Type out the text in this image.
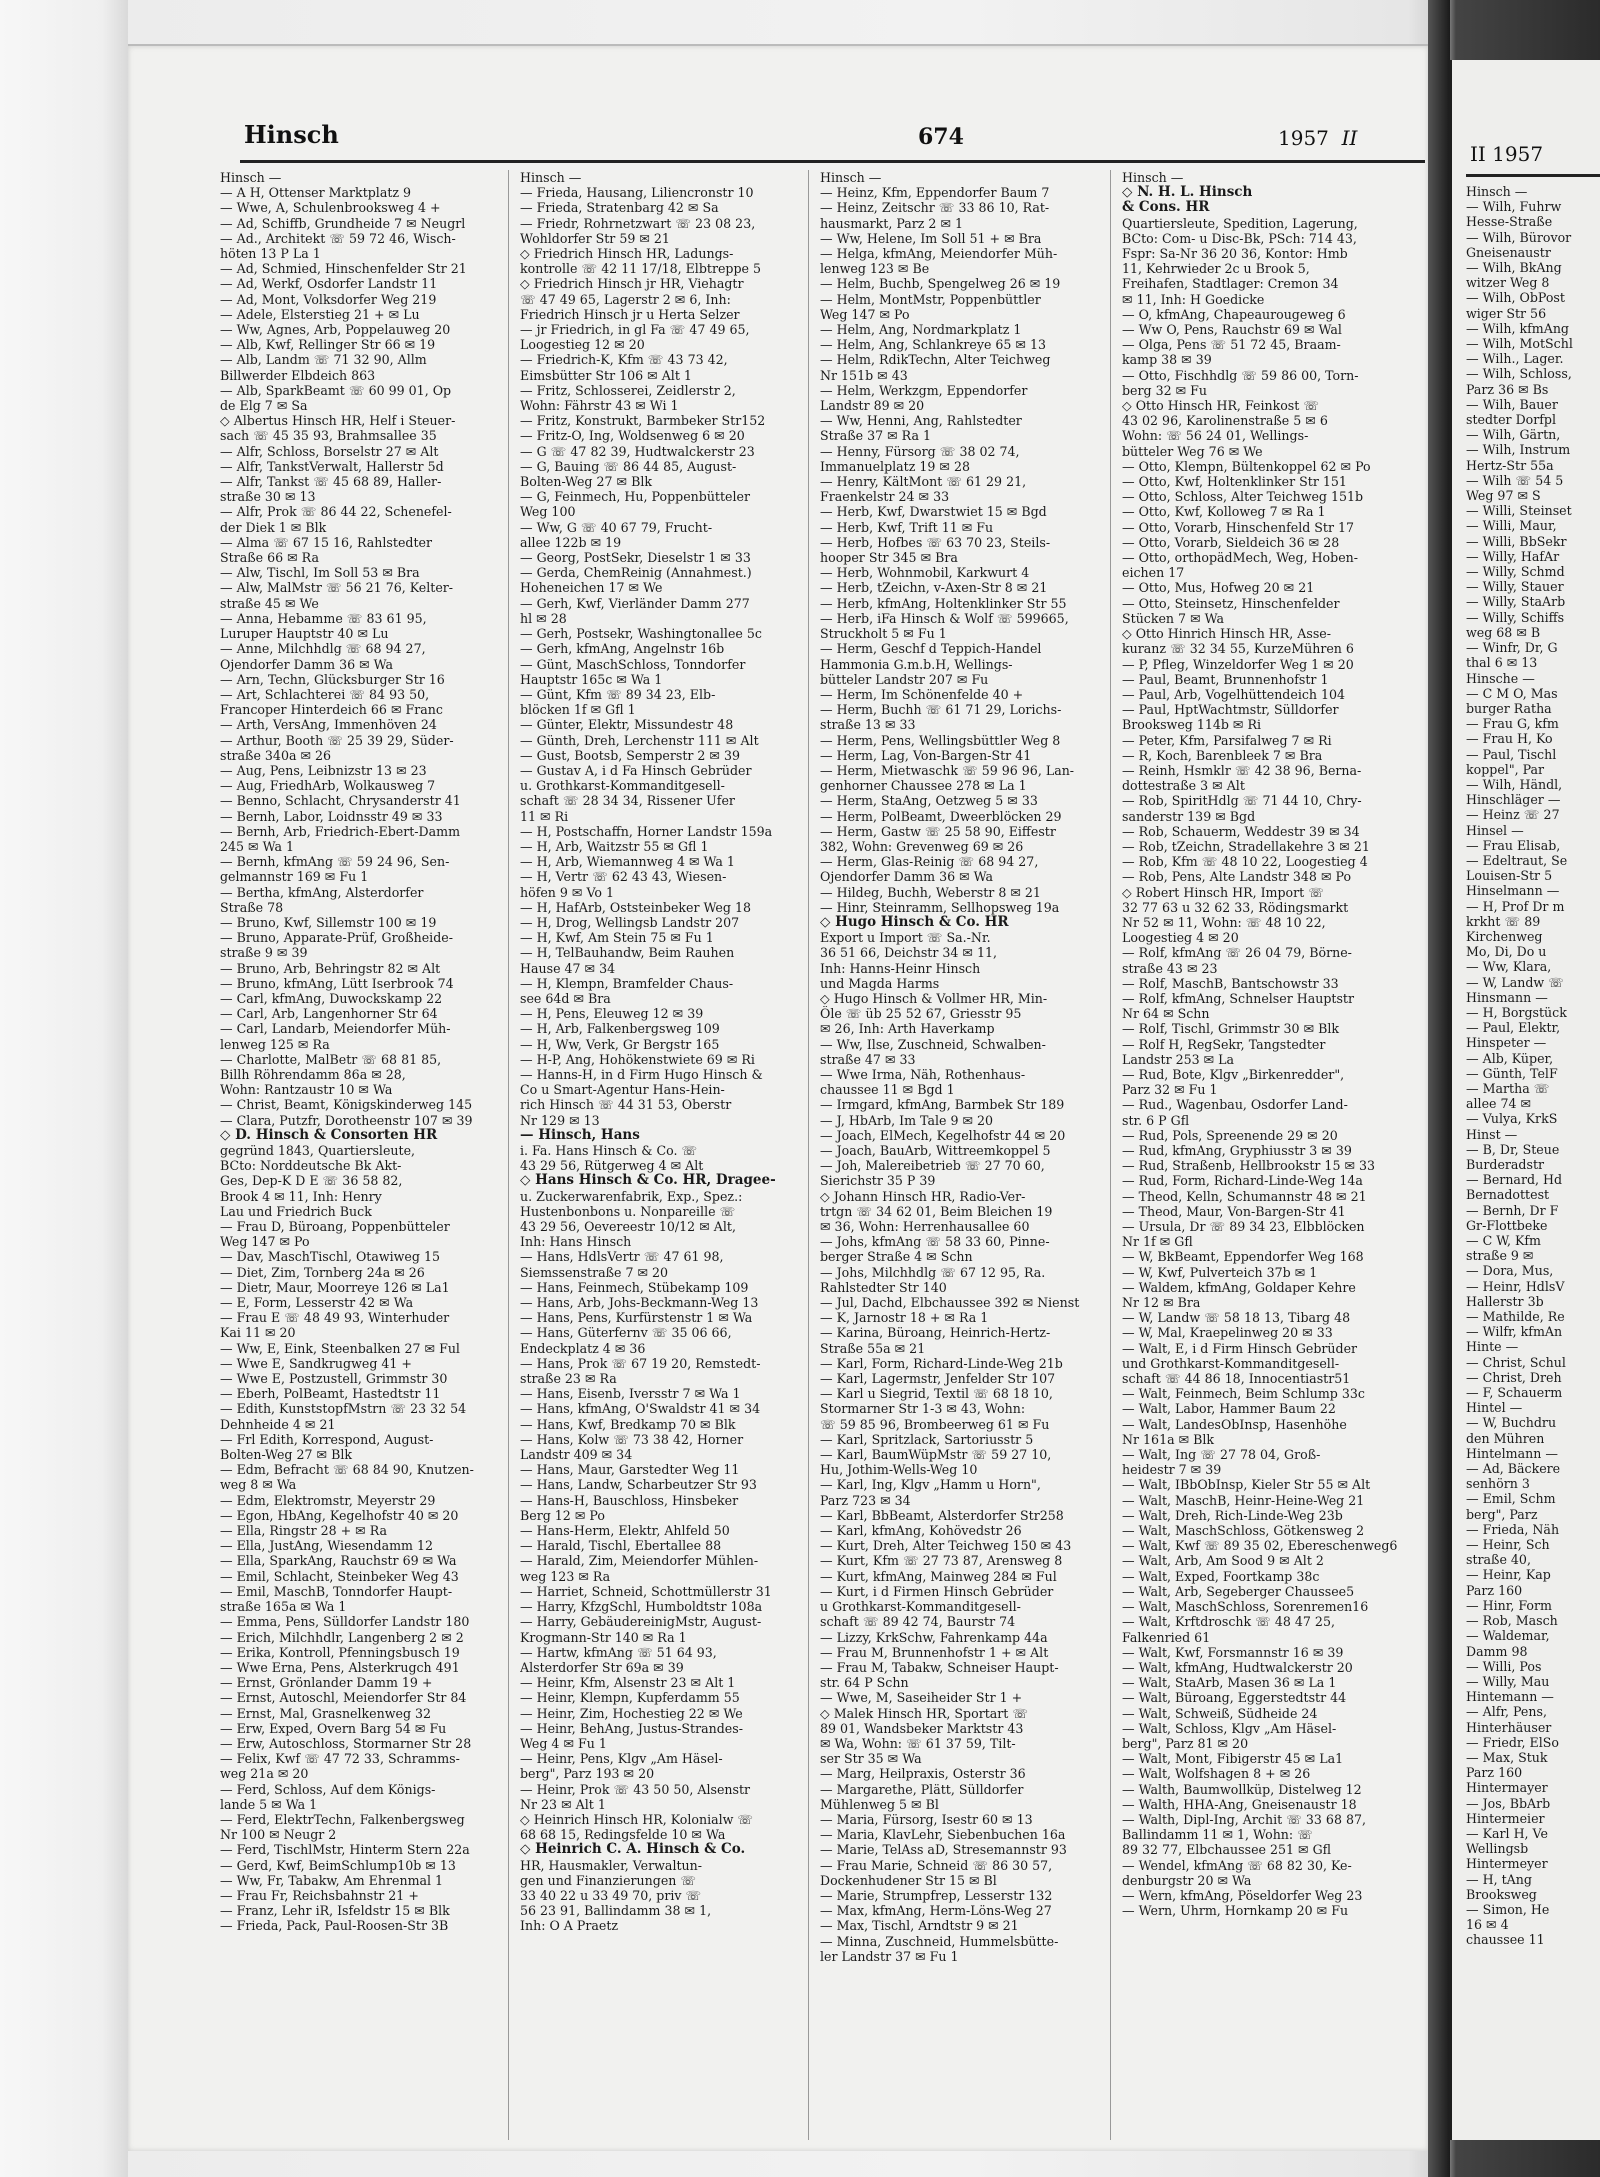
Hinsch	674	1957 II
Hinsch —
— A H, Ottenser Marktplatz 9
— Wwe, A, Schulenbrooksweg 4 +
— Ad, Schiffb, Grundheide 7 ✉ Neugrl
— Ad., Architekt ☏ 59 72 46, Wisch-
höten 13 P La 1
— Ad, Schmied, Hinschenfelder Str 21
— Ad, Werkf, Osdorfer Landstr 11
— Ad, Mont, Volksdorfer Weg 219
— Adele, Elsterstieg 21 + ✉ Lu
— Ww, Agnes, Arb, Poppelauweg 20
— Alb, Kwf, Rellinger Str 66 ✉ 19
— Alb, Landm ☏ 71 32 90, Allm
Billwerder Elbdeich 863
— Alb, SparkBeamt ☏ 60 99 01, Op
de Elg 7 ✉ Sa
◇ Albertus Hinsch HR, Helf i Steuer-
sach ☏ 45 35 93, Brahmsallee 35
— Alfr, Schloss, Borselstr 27 ✉ Alt
— Alfr, TankstVerwalt, Hallerstr 5d
— Alfr, Tankst ☏ 45 68 89, Haller-
straße 30 ✉ 13
— Alfr, Prok ☏ 86 44 22, Schenefel-
der Diek 1 ✉ Blk
— Alma ☏ 67 15 16, Rahlstedter
Straße 66 ✉ Ra
— Alw, Tischl, Im Soll 53 ✉ Bra
— Alw, MalMstr ☏ 56 21 76, Kelter-
straße 45 ✉ We
— Anna, Hebamme ☏ 83 61 95,
Luruper Hauptstr 40 ✉ Lu
— Anne, Milchhdlg ☏ 68 94 27,
Ojendorfer Damm 36 ✉ Wa
— Arn, Techn, Glücksburger Str 16
— Art, Schlachterei ☏ 84 93 50,
Francoper Hinterdeich 66 ✉ Franc
— Arth, VersAng, Immenhöven 24
— Arthur, Booth ☏ 25 39 29, Süder-
straße 340a ✉ 26
— Aug, Pens, Leibnizstr 13 ✉ 23
— Aug, FriedhArb, Wolkausweg 7
— Benno, Schlacht, Chrysanderstr 41
— Bernh, Labor, Loidnsstr 49 ✉ 33
— Bernh, Arb, Friedrich-Ebert-Damm
245 ✉ Wa 1
— Bernh, kfmAng ☏ 59 24 96, Sen-
gelmannstr 169 ✉ Fu 1
— Bertha, kfmAng, Alsterdorfer
Straße 78
— Bruno, Kwf, Sillemstr 100 ✉ 19
— Bruno, Apparate-Prüf, Großheide-
straße 9 ✉ 39
— Bruno, Arb, Behringstr 82 ✉ Alt
— Bruno, kfmAng, Lütt Iserbrook 74
— Carl, kfmAng, Duwockskamp 22
— Carl, Arb, Langenhorner Str 64
— Carl, Landarb, Meiendorfer Müh-
lenweg 125 ✉ Ra
— Charlotte, MalBetr ☏ 68 81 85,
Billh Röhrendamm 86a ✉ 28,
Wohn: Rantzaustr 10 ✉ Wa
— Christ, Beamt, Königskinderweg 145
— Clara, Putzfr, Dorotheenstr 107 ✉ 39
◇ D. Hinsch & Consorten HR
gegründ 1843, Quartiersleute,
BCto: Norddeutsche Bk Akt-
Ges, Dep-K D E ☏ 36 58 82,
Brook 4 ✉ 11, Inh: Henry
Lau und Friedrich Buck
— Frau D, Büroang, Poppenbütteler
Weg 147 ✉ Po
— Dav, MaschTischl, Otawiweg 15
— Diet, Zim, Tornberg 24a ✉ 26
— Dietr, Maur, Moorreye 126 ✉ La1
— E, Form, Lesserstr 42 ✉ Wa
— Frau E ☏ 48 49 93, Winterhuder
Kai 11 ✉ 20
— Ww, E, Eink, Steenbalken 27 ✉ Ful
— Wwe E, Sandkrugweg 41 +
— Wwe E, Postzustell, Grimmstr 30
— Eberh, PolBeamt, Hastedtstr 11
— Edith, KunststopfMstrn ☏ 23 32 54
Dehnheide 4 ✉ 21
— Frl Edith, Korrespond, August-
Bolten-Weg 27 ✉ Blk
— Edm, Befracht ☏ 68 84 90, Knutzen-
weg 8 ✉ Wa
— Edm, Elektromstr, Meyerstr 29
— Egon, HbAng, Kegelhofstr 40 ✉ 20
— Ella, Ringstr 28 + ✉ Ra
— Ella, JustAng, Wiesendamm 12
— Ella, SparkAng, Rauchstr 69 ✉ Wa
— Emil, Schlacht, Steinbeker Weg 43
— Emil, MaschB, Tonndorfer Haupt-
straße 165a ✉ Wa 1
— Emma, Pens, Sülldorfer Landstr 180
— Erich, Milchhdlr, Langenberg 2 ✉ 2
— Erika, Kontroll, Pfenningsbusch 19
— Wwe Erna, Pens, Alsterkrugch 491
— Ernst, Grönlander Damm 19 +
— Ernst, Autoschl, Meiendorfer Str 84
— Ernst, Mal, Grasnelkenweg 32
— Erw, Exped, Overn Barg 54 ✉ Fu
— Erw, Autoschloss, Stormarner Str 28
— Felix, Kwf ☏ 47 72 33, Schramms-
weg 21a ✉ 20
— Ferd, Schloss, Auf dem Königs-
lande 5 ✉ Wa 1
— Ferd, ElektrTechn, Falkenbergsweg
Nr 100 ✉ Neugr 2
— Ferd, TischlMstr, Hinterm Stern 22a
— Gerd, Kwf, BeimSchlump10b ✉ 13
— Ww, Fr, Tabakw, Am Ehrenmal 1
— Frau Fr, Reichsbahnstr 21 +
— Franz, Lehr iR, Isfeldstr 15 ✉ Blk
— Frieda, Pack, Paul-Roosen-Str 3B
Hinsch —
— Frieda, Hausang, Liliencronstr 10
— Frieda, Stratenbarg 42 ✉ Sa
— Friedr, Rohrnetzwart ☏ 23 08 23,
Wohldorfer Str 59 ✉ 21
◇ Friedrich Hinsch HR, Ladungs-
kontrolle ☏ 42 11 17/18, Elbtreppe 5
◇ Friedrich Hinsch jr HR, Viehagtr
☏ 47 49 65, Lagerstr 2 ✉ 6, Inh:
Friedrich Hinsch jr u Herta Selzer
— jr Friedrich, in gl Fa ☏ 47 49 65,
Loogestieg 12 ✉ 20
— Friedrich-K, Kfm ☏ 43 73 42,
Eimsbütter Str 106 ✉ Alt 1
— Fritz, Schlosserei, Zeidlerstr 2,
Wohn: Fährstr 43 ✉ Wi 1
— Fritz, Konstrukt, Barmbeker Str152
— Fritz-O, Ing, Woldsenweg 6 ✉ 20
— G ☏ 47 82 39, Hudtwalckerstr 23
— G, Bauing ☏ 86 44 85, August-
Bolten-Weg 27 ✉ Blk
— G, Feinmech, Hu, Poppenbütteler
Weg 100
— Ww, G ☏ 40 67 79, Frucht-
allee 122b ✉ 19
— Georg, PostSekr, Dieselstr 1 ✉ 33
— Gerda, ChemReinig (Annahmest.)
Hoheneichen 17 ✉ We
— Gerh, Kwf, Vierländer Damm 277
hl ✉ 28
— Gerh, Postsekr, Washingtonallee 5c
— Gerh, kfmAng, Angelnstr 16b
— Günt, MaschSchloss, Tonndorfer
Hauptstr 165c ✉ Wa 1
— Günt, Kfm ☏ 89 34 23, Elb-
blöcken 1f ✉ Gfl 1
— Günter, Elektr, Missundestr 48
— Günth, Dreh, Lerchenstr 111 ✉ Alt
— Gust, Bootsb, Semperstr 2 ✉ 39
— Gustav A, i d Fa Hinsch Gebrüder
u. Grothkarst-Kommanditgesell-
schaft ☏ 28 34 34, Rissener Ufer
11 ✉ Ri
— H, Postschaffn, Horner Landstr 159a
— H, Arb, Waitzstr 55 ✉ Gfl 1
— H, Arb, Wiemannweg 4 ✉ Wa 1
— H, Vertr ☏ 62 43 43, Wiesen-
höfen 9 ✉ Vo 1
— H, HafArb, Oststeinbeker Weg 18
— H, Drog, Wellingsb Landstr 207
— H, Kwf, Am Stein 75 ✉ Fu 1
— H, TelBauhandw, Beim Rauhen
Hause 47 ✉ 34
— H, Klempn, Bramfelder Chaus-
see 64d ✉ Bra
— H, Pens, Eleuweg 12 ✉ 39
— H, Arb, Falkenbergsweg 109
— H, Ww, Verk, Gr Bergstr 165
— H-P, Ang, Hohökenstwiete 69 ✉ Ri
— Hanns-H, in d Firm Hugo Hinsch &
Co u Smart-Agentur Hans-Hein-
rich Hinsch ☏ 44 31 53, Oberstr
Nr 129 ✉ 13
— Hinsch, Hans
i. Fa. Hans Hinsch & Co. ☏
43 29 56, Rütgerweg 4 ✉ Alt
◇ Hans Hinsch & Co. HR, Dragee-
u. Zuckerwarenfabrik, Exp., Spez.:
Hustenbonbons u. Nonpareille ☏
43 29 56, Oevereestr 10/12 ✉ Alt,
Inh: Hans Hinsch
— Hans, HdlsVertr ☏ 47 61 98,
Siemssenstraße 7 ✉ 20
— Hans, Feinmech, Stübekamp 109
— Hans, Arb, Johs-Beckmann-Weg 13
— Hans, Pens, Kurfürstenstr 1 ✉ Wa
— Hans, Güterfernv ☏ 35 06 66,
Endeckplatz 4 ✉ 36
— Hans, Prok ☏ 67 19 20, Remstedt-
straße 23 ✉ Ra
— Hans, Eisenb, Iversstr 7 ✉ Wa 1
— Hans, kfmAng, O'Swaldstr 41 ✉ 34
— Hans, Kwf, Bredkamp 70 ✉ Blk
— Hans, Kolw ☏ 73 38 42, Horner
Landstr 409 ✉ 34
— Hans, Maur, Garstedter Weg 11
— Hans, Landw, Scharbeutzer Str 93
— Hans-H, Bauschloss, Hinsbeker
Berg 12 ✉ Po
— Hans-Herm, Elektr, Ahlfeld 50
— Harald, Tischl, Ebertallee 88
— Harald, Zim, Meiendorfer Mühlen-
weg 123 ✉ Ra
— Harriet, Schneid, Schottmüllerstr 31
— Harry, KfzgSchl, Humboldtstr 108a
— Harry, GebäudereinigMstr, August-
Krogmann-Str 140 ✉ Ra 1
— Hartw, kfmAng ☏ 51 64 93,
Alsterdorfer Str 69a ✉ 39
— Heinr, Kfm, Alsenstr 23 ✉ Alt 1
— Heinr, Klempn, Kupferdamm 55
— Heinr, Zim, Hochestieg 22 ✉ We
— Heinr, BehAng, Justus-Strandes-
Weg 4 ✉ Fu 1
— Heinr, Pens, Klgv „Am Häsel-
berg", Parz 193 ✉ 20
— Heinr, Prok ☏ 43 50 50, Alsenstr
Nr 23 ✉ Alt 1
◇ Heinrich Hinsch HR, Kolonialw ☏
68 68 15, Redingsfelde 10 ✉ Wa
◇ Heinrich C. A. Hinsch & Co.
HR, Hausmakler, Verwaltun-
gen und Finanzierungen ☏
33 40 22 u 33 49 70, priv ☏
56 23 91, Ballindamm 38 ✉ 1,
Inh: O A Praetz
Hinsch —
— Heinz, Kfm, Eppendorfer Baum 7
— Heinz, Zeitschr ☏ 33 86 10, Rat-
hausmarkt, Parz 2 ✉ 1
— Ww, Helene, Im Soll 51 + ✉ Bra
— Helga, kfmAng, Meiendorfer Müh-
lenweg 123 ✉ Be
— Helm, Buchb, Spengelweg 26 ✉ 19
— Helm, MontMstr, Poppenbüttler
Weg 147 ✉ Po
— Helm, Ang, Nordmarkplatz 1
— Helm, Ang, Schlankreye 65 ✉ 13
— Helm, RdikTechn, Alter Teichweg
Nr 151b ✉ 43
— Helm, Werkzgm, Eppendorfer
Landstr 89 ✉ 20
— Ww, Henni, Ang, Rahlstedter
Straße 37 ✉ Ra 1
— Henny, Fürsorg ☏ 38 02 74,
Immanuelplatz 19 ✉ 28
— Henry, KältMont ☏ 61 29 21,
Fraenkelstr 24 ✉ 33
— Herb, Kwf, Dwarstwiet 15 ✉ Bgd
— Herb, Kwf, Trift 11 ✉ Fu
— Herb, Hofbes ☏ 63 70 23, Steils-
hooper Str 345 ✉ Bra
— Herb, Wohnmobil, Karkwurt 4
— Herb, tZeichn, v-Axen-Str 8 ✉ 21
— Herb, kfmAng, Holtenklinker Str 55
— Herb, iFa Hinsch & Wolf ☏ 599665,
Struckholt 5 ✉ Fu 1
— Herm, Geschf d Teppich-Handel
Hammonia G.m.b.H, Wellings-
bütteler Landstr 207 ✉ Fu
— Herm, Im Schönenfelde 40 +
— Herm, Buchh ☏ 61 71 29, Lorichs-
straße 13 ✉ 33
— Herm, Pens, Wellingsbüttler Weg 8
— Herm, Lag, Von-Bargen-Str 41
— Herm, Mietwaschk ☏ 59 96 96, Lan-
genhorner Chaussee 278 ✉ La 1
— Herm, StaAng, Oetzweg 5 ✉ 33
— Herm, PolBeamt, Dweerblöcken 29
— Herm, Gastw ☏ 25 58 90, Eiffestr
382, Wohn: Grevenweg 69 ✉ 26
— Herm, Glas-Reinig ☏ 68 94 27,
Ojendorfer Damm 36 ✉ Wa
— Hildeg, Buchh, Weberstr 8 ✉ 21
— Hinr, Steinramm, Sellhopsweg 19a
◇ Hugo Hinsch & Co. HR
Export u Import ☏ Sa.-Nr.
36 51 66, Deichstr 34 ✉ 11,
Inh: Hanns-Heinr Hinsch
und Magda Harms
◇ Hugo Hinsch & Vollmer HR, Min-
Öle ☏ üb 25 52 67, Griesstr 95
✉ 26, Inh: Arth Haverkamp
— Ww, Ilse, Zuschneid, Schwalben-
straße 47 ✉ 33
— Wwe Irma, Näh, Rothenhaus-
chaussee 11 ✉ Bgd 1
— Irmgard, kfmAng, Barmbek Str 189
— J, HbArb, Im Tale 9 ✉ 20
— Joach, ElMech, Kegelhofstr 44 ✉ 20
— Joach, BauArb, Wittreemkoppel 5
— Joh, Malereibetrieb ☏ 27 70 60,
Sierichstr 35 P 39
◇ Johann Hinsch HR, Radio-Ver-
trtgn ☏ 34 62 01, Beim Bleichen 19
✉ 36, Wohn: Herrenhausallee 60
— Johs, kfmAng ☏ 58 33 60, Pinne-
berger Straße 4 ✉ Schn
— Johs, Milchhdlg ☏ 67 12 95, Ra.
Rahlstedter Str 140
— Jul, Dachd, Elbchaussee 392 ✉ Nienst
— K, Jarnostr 18 + ✉ Ra 1
— Karina, Büroang, Heinrich-Hertz-
Straße 55a ✉ 21
— Karl, Form, Richard-Linde-Weg 21b
— Karl, Lagermstr, Jenfelder Str 107
— Karl u Siegrid, Textil ☏ 68 18 10,
Stormarner Str 1-3 ✉ 43, Wohn:
☏ 59 85 96, Brombeerweg 61 ✉ Fu
— Karl, Spritzlack, Sartoriusstr 5
— Karl, BaumWüpMstr ☏ 59 27 10,
Hu, Jothim-Wells-Weg 10
— Karl, Ing, Klgv „Hamm u Horn",
Parz 723 ✉ 34
— Karl, BbBeamt, Alsterdorfer Str258
— Karl, kfmAng, Kohövedstr 26
— Kurt, Dreh, Alter Teichweg 150 ✉ 43
— Kurt, Kfm ☏ 27 73 87, Arensweg 8
— Kurt, kfmAng, Mainweg 284 ✉ Ful
— Kurt, i d Firmen Hinsch Gebrüder
u Grothkarst-Kommanditgesell-
schaft ☏ 89 42 74, Baurstr 74
— Lizzy, KrkSchw, Fahrenkamp 44a
— Frau M, Brunnenhofstr 1 + ✉ Alt
— Frau M, Tabakw, Schneiser Haupt-
str. 64 P Schn
— Wwe, M, Saseiheider Str 1 +
◇ Malek Hinsch HR, Sportart ☏
89 01, Wandsbeker Marktstr 43
✉ Wa, Wohn: ☏ 61 37 59, Tilt-
ser Str 35 ✉ Wa
— Marg, Heilpraxis, Osterstr 36
— Margarethe, Plätt, Sülldorfer
Mühlenweg 5 ✉ Bl
— Maria, Fürsorg, Isestr 60 ✉ 13
— Maria, KlavLehr, Siebenbuchen 16a
— Marie, TelAss aD, Stresemannstr 93
— Frau Marie, Schneid ☏ 86 30 57,
Dockenhudener Str 15 ✉ Bl
— Marie, Strumpfrep, Lesserstr 132
— Max, kfmAng, Herm-Löns-Weg 27
— Max, Tischl, Arndtstr 9 ✉ 21
— Minna, Zuschneid, Hummelsbütte-
ler Landstr 37 ✉ Fu 1
Hinsch —
◇ N. H. L. Hinsch
& Cons. HR
Quartiersleute, Spedition, Lagerung,
BCto: Com- u Disc-Bk, PSch: 714 43,
Fspr: Sa-Nr 36 20 36, Kontor: Hmb
11, Kehrwieder 2c u Brook 5,
Freihafen, Stadtlager: Cremon 34
✉ 11, Inh: H Goedicke
— O, kfmAng, Chapeaurougeweg 6
— Ww O, Pens, Rauchstr 69 ✉ Wal
— Olga, Pens ☏ 51 72 45, Braam-
kamp 38 ✉ 39
— Otto, Fischhdlg ☏ 59 86 00, Torn-
berg 32 ✉ Fu
◇ Otto Hinsch HR, Feinkost ☏
43 02 96, Karolinenstraße 5 ✉ 6
Wohn: ☏ 56 24 01, Wellings-
bütteler Weg 76 ✉ We
— Otto, Klempn, Bültenkoppel 62 ✉ Po
— Otto, Kwf, Holtenklinker Str 151
— Otto, Schloss, Alter Teichweg 151b
— Otto, Kwf, Kolloweg 7 ✉ Ra 1
— Otto, Vorarb, Hinschenfeld Str 17
— Otto, Vorarb, Sieldeich 36 ✉ 28
— Otto, orthopädMech, Weg, Hoben-
eichen 17
— Otto, Mus, Hofweg 20 ✉ 21
— Otto, Steinsetz, Hinschenfelder
Stücken 7 ✉ Wa
◇ Otto Hinrich Hinsch HR, Asse-
kuranz ☏ 32 34 55, KurzeMühren 6
— P, Pfleg, Winzeldorfer Weg 1 ✉ 20
— Paul, Beamt, Brunnenhofstr 1
— Paul, Arb, Vogelhüttendeich 104
— Paul, HptWachtmstr, Sülldorfer
Brooksweg 114b ✉ Ri
— Peter, Kfm, Parsifalweg 7 ✉ Ri
— R, Koch, Barenbleek 7 ✉ Bra
— Reinh, Hsmklr ☏ 42 38 96, Berna-
dottestraße 3 ✉ Alt
— Rob, SpiritHdlg ☏ 71 44 10, Chry-
sanderstr 139 ✉ Bgd
— Rob, Schauerm, Weddestr 39 ✉ 34
— Rob, tZeichn, Stradellakehre 3 ✉ 21
— Rob, Kfm ☏ 48 10 22, Loogestieg 4
— Rob, Pens, Alte Landstr 348 ✉ Po
◇ Robert Hinsch HR, Import ☏
32 77 63 u 32 62 33, Rödingsmarkt
Nr 52 ✉ 11, Wohn: ☏ 48 10 22,
Loogestieg 4 ✉ 20
— Rolf, kfmAng ☏ 26 04 79, Börne-
straße 43 ✉ 23
— Rolf, MaschB, Bantschowstr 33
— Rolf, kfmAng, Schnelser Hauptstr
Nr 64 ✉ Schn
— Rolf, Tischl, Grimmstr 30 ✉ Blk
— Rolf H, RegSekr, Tangstedter
Landstr 253 ✉ La
— Rud, Bote, Klgv „Birkenredder",
Parz 32 ✉ Fu 1
— Rud., Wagenbau, Osdorfer Land-
str. 6 P Gfl
— Rud, Pols, Spreenende 29 ✉ 20
— Rud, kfmAng, Gryphiusstr 3 ✉ 39
— Rud, Straßenb, Hellbrookstr 15 ✉ 33
— Rud, Form, Richard-Linde-Weg 14a
— Theod, Kelln, Schumannstr 48 ✉ 21
— Theod, Maur, Von-Bargen-Str 41
— Ursula, Dr ☏ 89 34 23, Elbblöcken
Nr 1f ✉ Gfl
— W, BkBeamt, Eppendorfer Weg 168
— W, Kwf, Pulverteich 37b ✉ 1
— Waldem, kfmAng, Goldaper Kehre
Nr 12 ✉ Bra
— W, Landw ☏ 58 18 13, Tibarg 48
— W, Mal, Kraepelinweg 20 ✉ 33
— Walt, E, i d Firm Hinsch Gebrüder
und Grothkarst-Kommanditgesell-
schaft ☏ 44 86 18, Innocentiastr51
— Walt, Feinmech, Beim Schlump 33c
— Walt, Labor, Hammer Baum 22
— Walt, LandesObInsp, Hasenhöhe
Nr 161a ✉ Blk
— Walt, Ing ☏ 27 78 04, Groß-
heidestr 7 ✉ 39
— Walt, IBbObInsp, Kieler Str 55 ✉ Alt
— Walt, MaschB, Heinr-Heine-Weg 21
— Walt, Dreh, Rich-Linde-Weg 23b
— Walt, MaschSchloss, Götkensweg 2
— Walt, Kwf ☏ 89 35 02, Ebereschenweg6
— Walt, Arb, Am Sood 9 ✉ Alt 2
— Walt, Exped, Foortkamp 38c
— Walt, Arb, Segeberger Chaussee5
— Walt, MaschSchloss, Sorenremen16
— Walt, Krftdroschk ☏ 48 47 25,
Falkenried 61
— Walt, Kwf, Forsmannstr 16 ✉ 39
— Walt, kfmAng, Hudtwalckerstr 20
— Walt, StaArb, Masen 36 ✉ La 1
— Walt, Büroang, Eggerstedtstr 44
— Walt, Schweiß, Südheide 24
— Walt, Schloss, Klgv „Am Häsel-
berg", Parz 81 ✉ 20
— Walt, Mont, Fibigerstr 45 ✉ La1
— Walt, Wolfshagen 8 + ✉ 26
— Walth, Baumwollküp, Distelweg 12
— Walth, HHA-Ang, Gneisenaustr 18
— Walth, Dipl-Ing, Archit ☏ 33 68 87,
Ballindamm 11 ✉ 1, Wohn: ☏
89 32 77, Elbchaussee 251 ✉ Gfl
— Wendel, kfmAng ☏ 68 82 30, Ke-
denburgstr 20 ✉ Wa
— Wern, kfmAng, Pöseldorfer Weg 23
— Wern, Uhrm, Hornkamp 20 ✉ Fu
II 1957
Hinsch —
— Wilh, Fuhrw
Hesse-Straße
— Wilh, Bürovor
Gneisenaustr
— Wilh, BkAng
witzer Weg 8
— Wilh, ObPost
wiger Str 56
— Wilh, kfmAng
— Wilh, MotSchl
— Wilh., Lager.
— Wilh, Schloss,
Parz 36 ✉ Bs
— Wilh, Bauer
stedter Dorfpl
— Wilh, Gärtn,
— Wilh, Instrum
Hertz-Str 55a
— Wilh ☏ 54 5
Weg 97 ✉ S
— Willi, Steinset
— Willi, Maur,
— Willi, BbSekr
— Willy, HafAr
— Willy, Schmd
— Willy, Stauer
— Willy, StaArb
— Willy, Schiffs
weg 68 ✉ B
— Winfr, Dr, G
thal 6 ✉ 13
Hinsche —
— C M O, Mas
burger Ratha
— Frau G, kfm
— Frau H, Ko
— Paul, Tischl
koppel", Par
— Wilh, Händl,
Hinschläger —
— Heinz ☏ 27
Hinsel —
— Frau Elisab,
— Edeltraut, Se
Louisen-Str 5
Hinselmann —
— H, Prof Dr m
krkht ☏ 89
Kirchenweg
Mo, Di, Do u
— Ww, Klara,
— W, Landw ☏
Hinsmann —
— H, Borgstück
— Paul, Elektr,
Hinspeter —
— Alb, Küper,
— Günth, TelF
— Martha ☏
allee 74 ✉
— Vulya, KrkS
Hinst —
— B, Dr, Steue
Burderadstr
— Bernard, Hd
Bernadottest
— Bernh, Dr F
Gr-Flottbeke
— C W, Kfm
straße 9 ✉
— Dora, Mus,
— Heinr, HdlsV
Hallerstr 3b
— Mathilde, Re
— Wilfr, kfmAn
Hinte —
— Christ, Schul
— Christ, Dreh
— F, Schauerm
Hintel —
— W, Buchdru
den Mühren
Hintelmann —
— Ad, Bäckere
senhörn 3
— Emil, Schm
berg", Parz
— Frieda, Näh
— Heinr, Sch
straße 40,
— Heinr, Kap
Parz 160
— Hinr, Form
— Rob, Masch
— Waldemar,
Damm 98
— Willi, Pos
— Willy, Mau
Hintemann —
— Alfr, Pens,
Hinterhäuser
— Friedr, ElSo
— Max, Stuk
Parz 160
Hintermayer
— Jos, BbArb
Hintermeier
— Karl H, Ve
Wellingsb
Hintermeyer
— H, tAng
Brooksweg
— Simon, He
16 ✉ 4
chaussee 11
